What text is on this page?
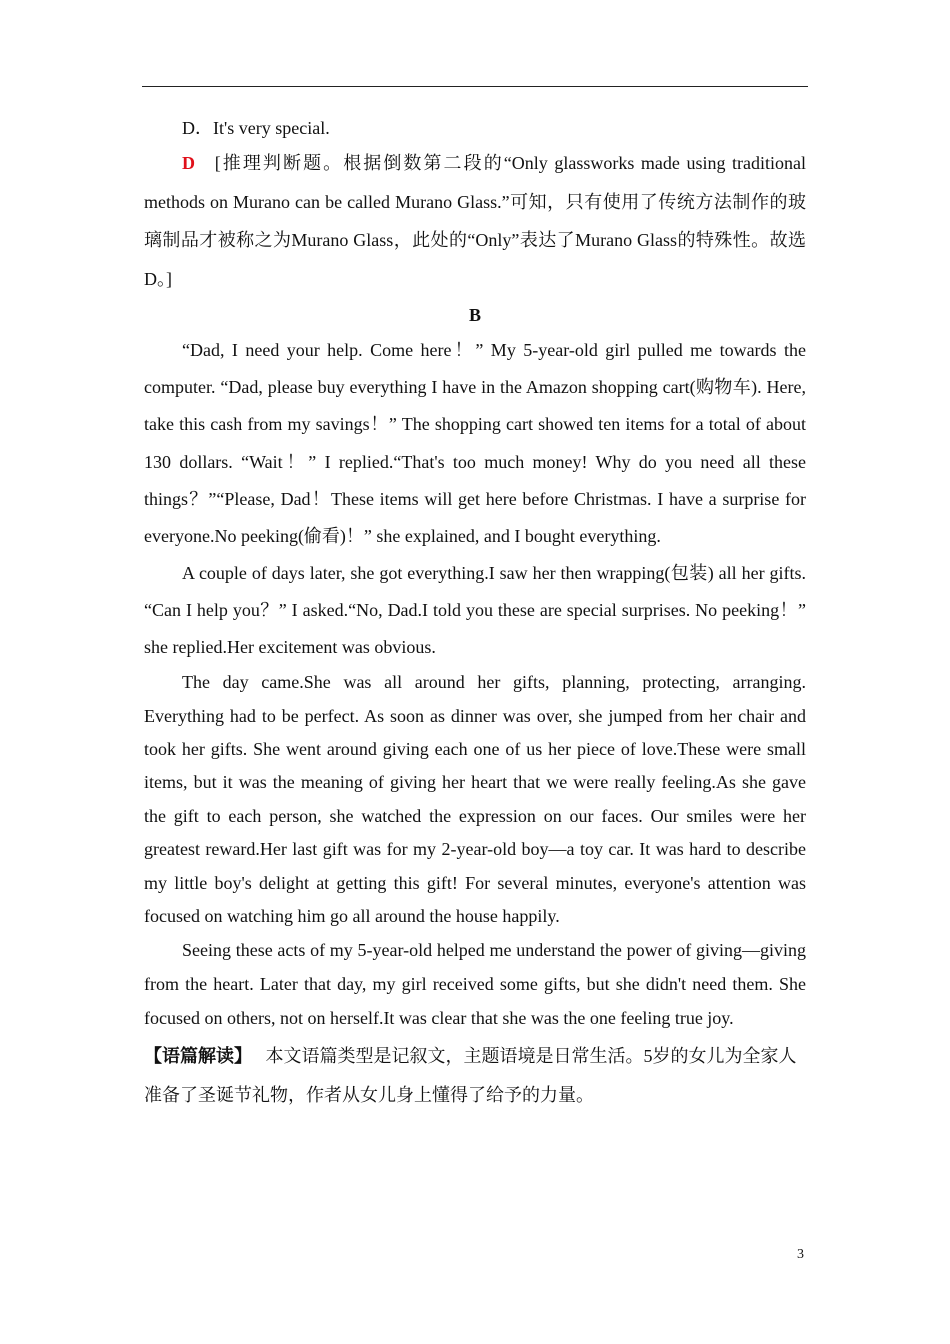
D．It's very special.

D [推理判断题。根据倒数第二段的“Only glassworks made using traditional methods on Murano can be called Murano Glass.”可知，只有使用了传统方法制作的玻璃制品才被称之为Murano Glass，此处的“Only”表达了Murano Glass的特殊性。故选D。]

B

“Dad, I need your help. Come here！” My 5-year-old girl pulled me towards the computer. “Dad, please buy everything I have in the Amazon shopping cart(购物车). Here, take this cash from my savings！” The shopping cart showed ten items for a total of about 130 dollars. “Wait！” I replied.“That's too much money! Why do you need all these things？”“Please, Dad！These items will get here before Christmas. I have a surprise for everyone.No peeking(偷看)！” she explained, and I bought everything.

A couple of days later, she got everything.I saw her then wrapping(包装) all her gifts. “Can I help you？” I asked.“No, Dad.I told you these are special surprises. No peeking！” she replied.Her excitement was obvious.

The day came.She was all around her gifts, planning, protecting, arranging. Everything had to be perfect. As soon as dinner was over, she jumped from her chair and took her gifts. She went around giving each one of us her piece of love.These were small items, but it was the meaning of giving her heart that we were really feeling.As she gave the gift to each person, she watched the expression on our faces. Our smiles were her greatest reward.Her last gift was for my 2-year-old boy—a toy car. It was hard to describe my little boy's delight at getting this gift! For several minutes, everyone's attention was focused on watching him go all around the house happily.

Seeing these acts of my 5-year-old helped me understand the power of giving—giving from the heart. Later that day, my girl received some gifts, but she didn't need them. She focused on others, not on herself.It was clear that she was the one feeling true joy.

【语篇解读】 本文语篇类型是记叙文，主题语境是日常生活。5岁的女儿为全家人准备了圣诞节礼物，作者从女儿身上懂得了给予的力量。

3
